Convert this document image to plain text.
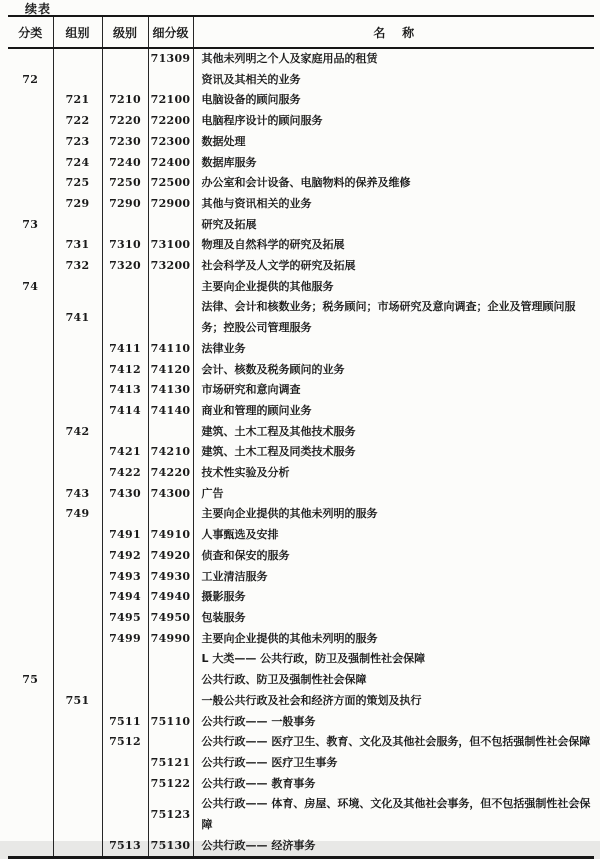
续表
分类	组别	级别	细分级	名    称
			71309	其他未列明之个人及家庭用品的租赁
72				资讯及其相关的业务
	721	7210	72100	电脑设备的顾问服务
	722	7220	72200	电脑程序设计的顾问服务
	723	7230	72300	数据处理
	724	7240	72400	数据库服务
	725	7250	72500	办公室和会计设备、电脑物料的保养及维修
	729	7290	72900	其他与资讯相关的业务
73				研究及拓展
	731	7310	73100	物理及自然科学的研究及拓展
	732	7320	73200	社会科学及人文学的研究及拓展
74				主要向企业提供的其他服务
	741			法律、会计和核数业务；税务顾问；市场研究及意向调查；企业及管理顾问服务；控股公司管理服务
		7411	74110	法律业务
		7412	74120	会计、核数及税务顾问的业务
		7413	74130	市场研究和意向调查
		7414	74140	商业和管理的顾问业务
	742			建筑、土木工程及其他技术服务
		7421	74210	建筑、土木工程及同类技术服务
		7422	74220	技术性实验及分析
	743	7430	74300	广告
	749			主要向企业提供的其他未列明的服务
		7491	74910	人事甄选及安排
		7492	74920	侦查和保安的服务
		7493	74930	工业清洁服务
		7494	74940	摄影服务
		7495	74950	包装服务
		7499	74990	主要向企业提供的其他未列明的服务
				L 大类—— 公共行政，防卫及强制性社会保障
75				公共行政、防卫及强制性社会保障
	751			一般公共行政及社会和经济方面的策划及执行
		7511	75110	公共行政—— 一般事务
		7512		公共行政—— 医疗卫生、教育、文化及其他社会服务，但不包括强制性社会保障
			75121	公共行政—— 医疗卫生事务
			75122	公共行政—— 教育事务
			75123	公共行政—— 体育、房屋、环境、文化及其他社会事务，但不包括强制性社会保障
		7513	75130	公共行政—— 经济事务
